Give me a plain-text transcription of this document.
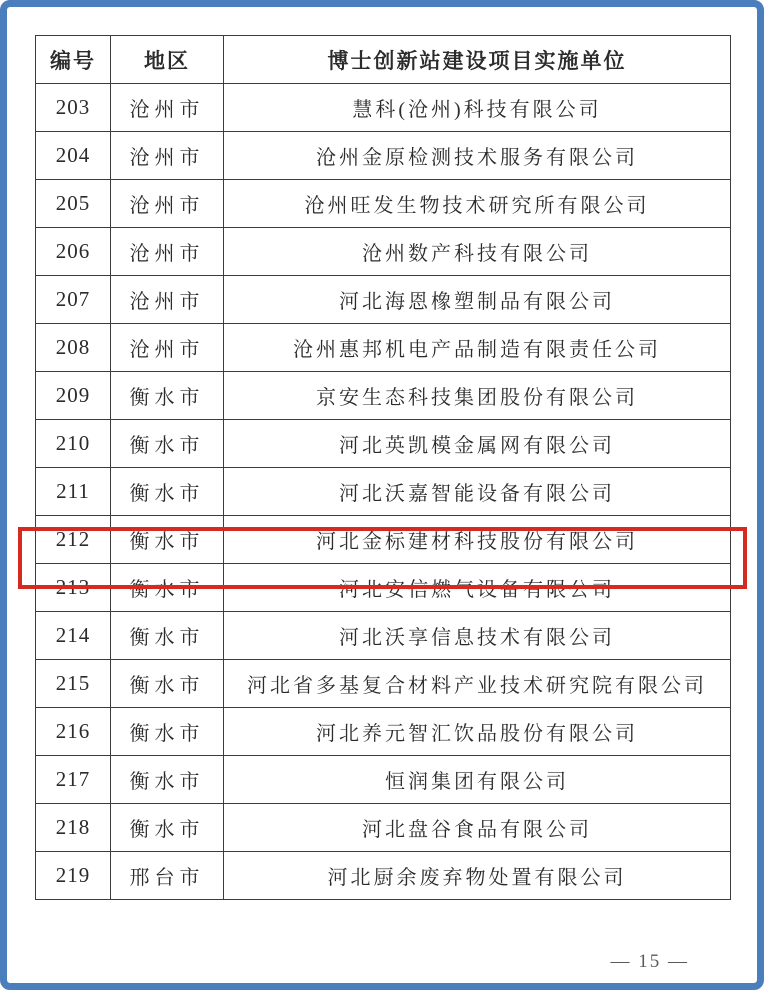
编号	地区	博士创新站建设项目实施单位
203	沧州市	慧科(沧州)科技有限公司
204	沧州市	沧州金原检测技术服务有限公司
205	沧州市	沧州旺发生物技术研究所有限公司
206	沧州市	沧州数产科技有限公司
207	沧州市	河北海恩橡塑制品有限公司
208	沧州市	沧州惠邦机电产品制造有限责任公司
209	衡水市	京安生态科技集团股份有限公司
210	衡水市	河北英凯模金属网有限公司
211	衡水市	河北沃嘉智能设备有限公司
212	衡水市	河北金标建材科技股份有限公司
213	衡水市	河北安信燃气设备有限公司
214	衡水市	河北沃享信息技术有限公司
215	衡水市	河北省多基复合材料产业技术研究院有限公司
216	衡水市	河北养元智汇饮品股份有限公司
217	衡水市	恒润集团有限公司
218	衡水市	河北盘谷食品有限公司
219	邢台市	河北厨余废弃物处置有限公司
— 15 —
